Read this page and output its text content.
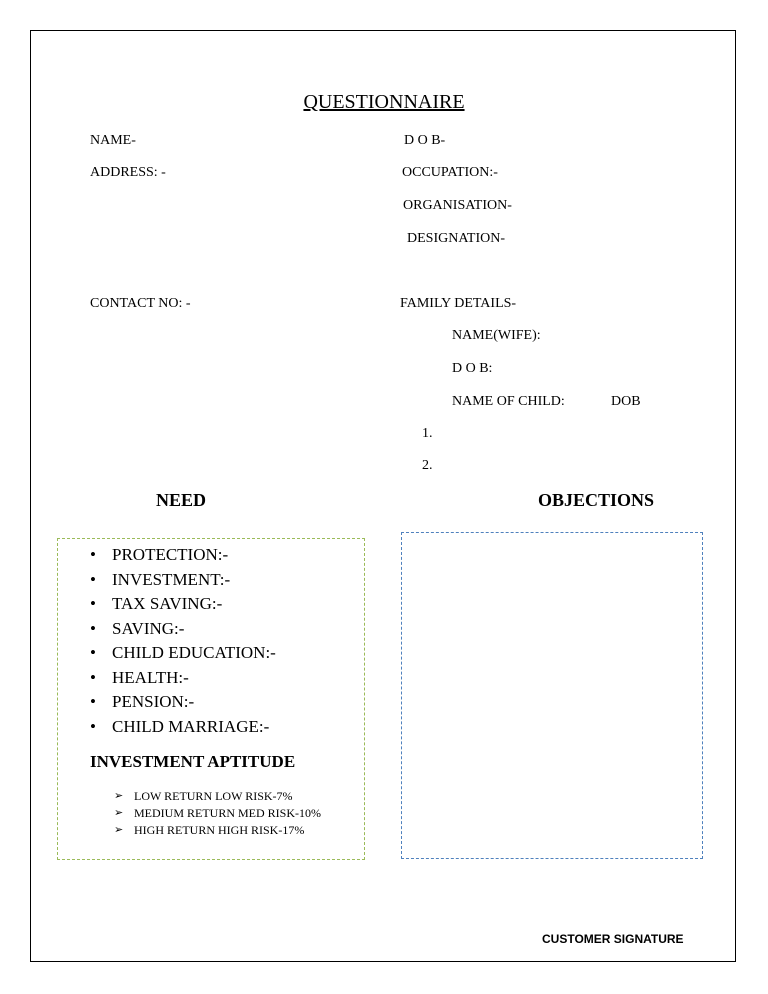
QUESTIONNAIRE
NAME-
ADDRESS: -
CONTACT NO: -
D O B-
OCCUPATION:-
ORGANISATION-
DESIGNATION-
FAMILY DETAILS-
NAME(WIFE):
D O B:
NAME OF CHILD:	DOB
1.
2.
NEED	OBJECTIONS
• PROTECTION:-
• INVESTMENT:-
• TAX SAVING:-
• SAVING:-
• CHILD EDUCATION:-
• HEALTH:-
• PENSION:-
• CHILD MARRIAGE:-
INVESTMENT APTITUDE
➢ LOW RETURN LOW RISK-7%
➢ MEDIUM RETURN MED RISK-10%
➢ HIGH RETURN HIGH RISK-17%
CUSTOMER SIGNATURE
